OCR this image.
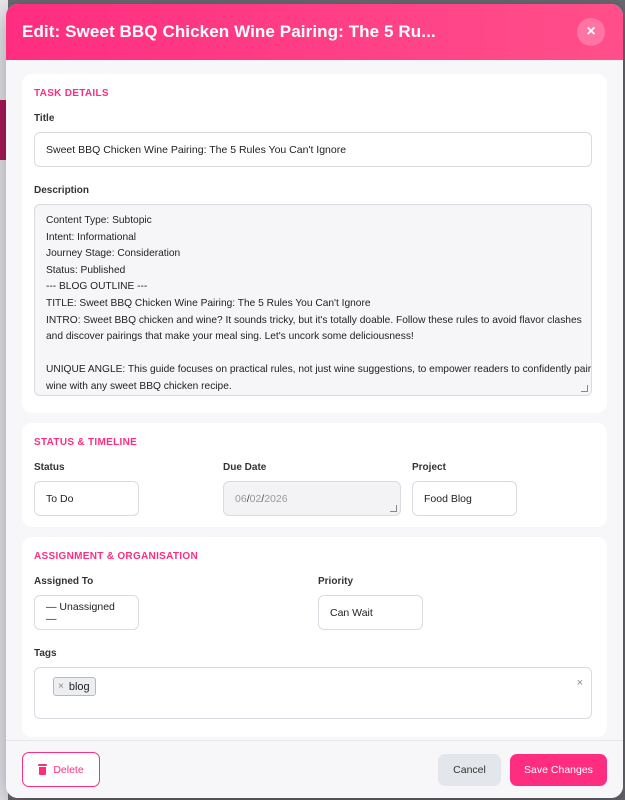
Edit: Sweet BBQ Chicken Wine Pairing: The 5 Ru...	×
TASK DETAILS
Title
Sweet BBQ Chicken Wine Pairing: The 5 Rules You Can't Ignore
Description
Content Type: Subtopic
Intent: Informational
Journey Stage: Consideration
Status: Published
--- BLOG OUTLINE ---
TITLE: Sweet BBQ Chicken Wine Pairing: The 5 Rules You Can't Ignore
INTRO: Sweet BBQ chicken and wine? It sounds tricky, but it's totally doable. Follow these rules to avoid flavor clashes
and discover pairings that make your meal sing. Let's uncork some deliciousness!
UNIQUE ANGLE: This guide focuses on practical rules, not just wine suggestions, to empower readers to confidently pair
wine with any sweet BBQ chicken recipe.
STATUS & TIMELINE
Status
To Do
Due Date
06 / 02 / 2026
Project
Food Blog
ASSIGNMENT & ORGANISATION
Assigned To
— Unassigned —
Priority
Can Wait
Tags
× blog	×
Delete	Cancel	Save Changes
